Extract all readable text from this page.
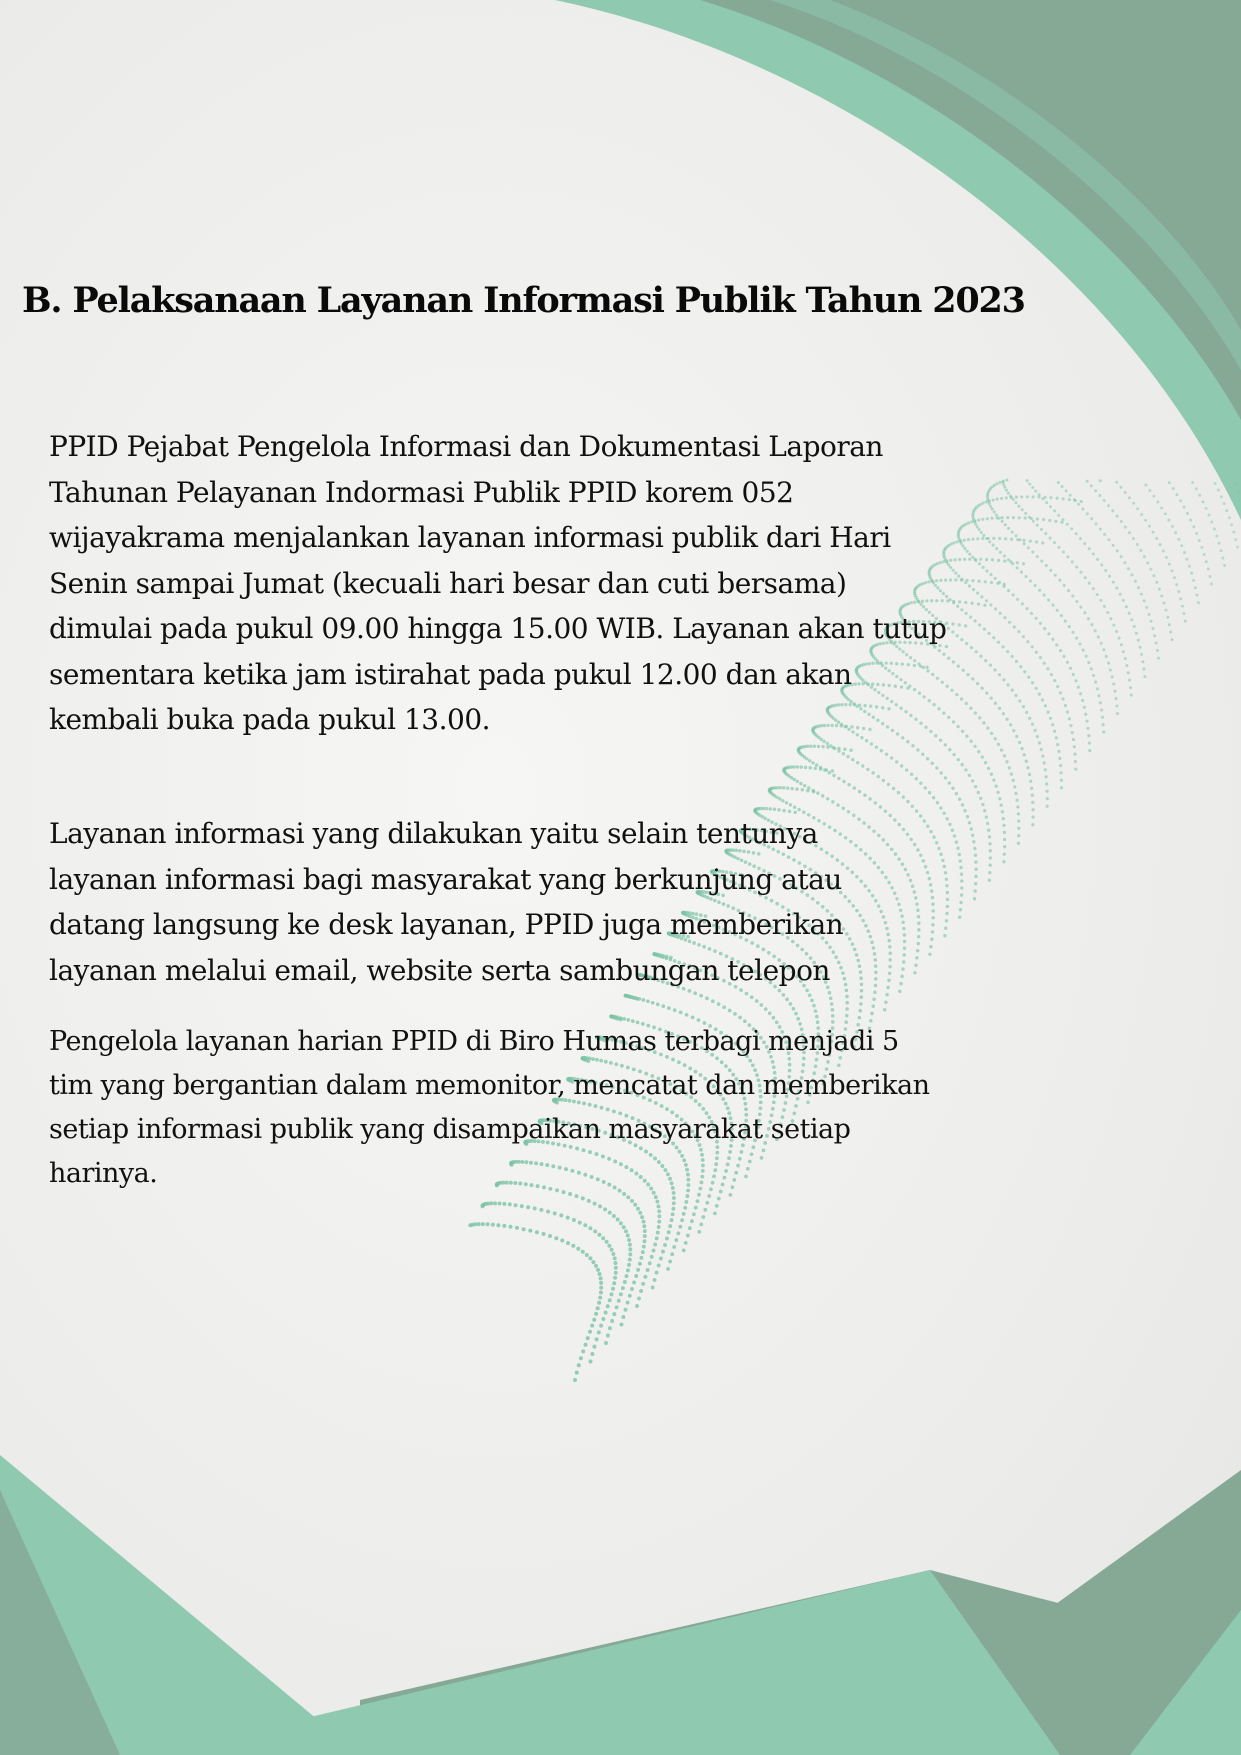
B. Pelaksanaan Layanan Informasi Publik Tahun 2023

PPID Pejabat Pengelola Informasi dan Dokumentasi Laporan
Tahunan Pelayanan Indormasi Publik PPID korem 052
wijayakrama menjalankan layanan informasi publik dari Hari
Senin sampai Jumat (kecuali hari besar dan cuti bersama)
dimulai pada pukul 09.00 hingga 15.00 WIB. Layanan akan tutup
sementara ketika jam istirahat pada pukul 12.00 dan akan
kembali buka pada pukul 13.00.

Layanan informasi yang dilakukan yaitu selain tentunya
layanan informasi bagi masyarakat yang berkunjung atau
datang langsung ke desk layanan, PPID juga memberikan
layanan melalui email, website serta sambungan telepon

Pengelola layanan harian PPID di Biro Humas terbagi menjadi 5
tim yang bergantian dalam memonitor, mencatat dan memberikan
setiap informasi publik yang disampaikan masyarakat setiap
harinya.
